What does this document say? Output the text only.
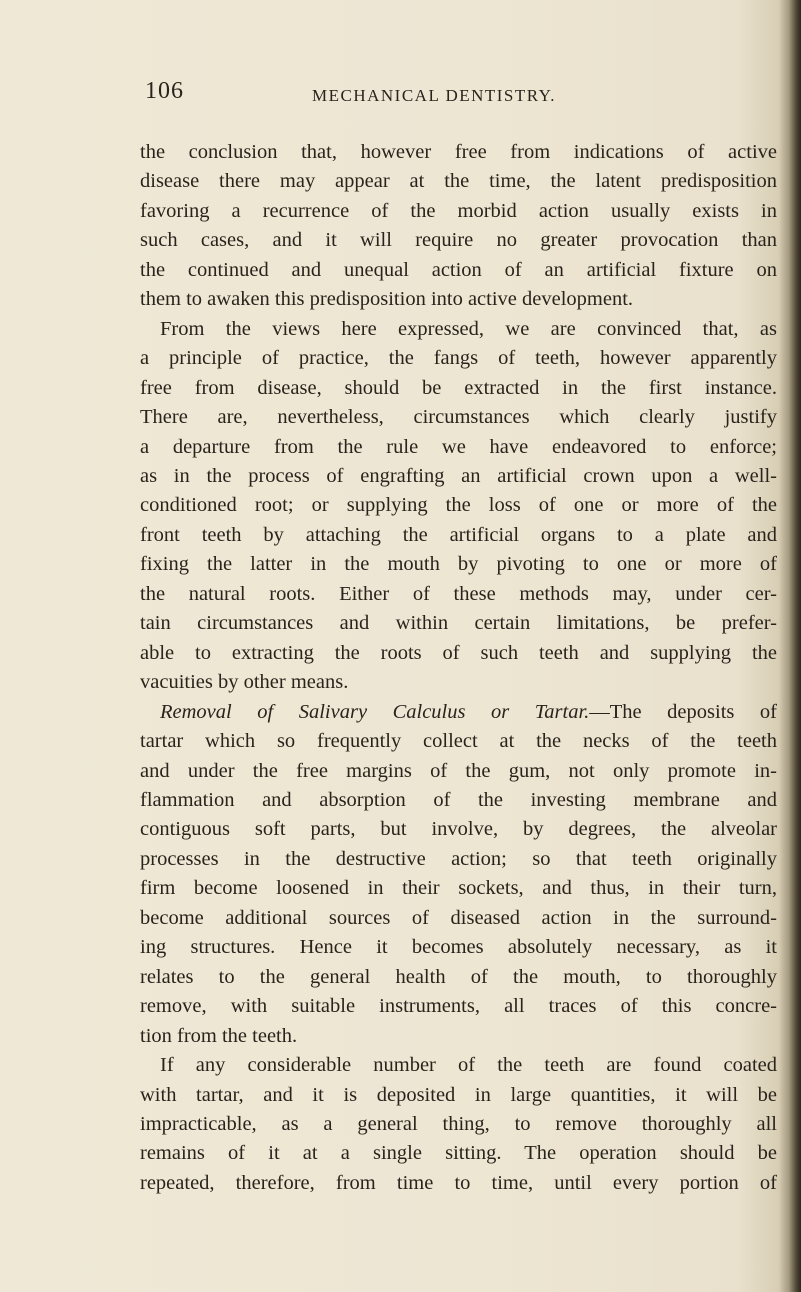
106	MECHANICAL DENTISTRY.
the conclusion that, however free from indications of active
disease there may appear at the time, the latent predisposition
favoring a recurrence of the morbid action usually exists in
such cases, and it will require no greater provocation than
the continued and unequal action of an artificial fixture on
them to awaken this predisposition into active development.
From the views here expressed, we are convinced that, as
a principle of practice, the fangs of teeth, however apparently
free from disease, should be extracted in the first instance.
There are, nevertheless, circumstances which clearly justify
a departure from the rule we have endeavored to enforce;
as in the process of engrafting an artificial crown upon a well-
conditioned root; or supplying the loss of one or more of the
front teeth by attaching the artificial organs to a plate and
fixing the latter in the mouth by pivoting to one or more of
the natural roots. Either of these methods may, under cer-
tain circumstances and within certain limitations, be prefer-
able to extracting the roots of such teeth and supplying the
vacuities by other means.
Removal of Salivary Calculus or Tartar.—The deposits of
tartar which so frequently collect at the necks of the teeth
and under the free margins of the gum, not only promote in-
flammation and absorption of the investing membrane and
contiguous soft parts, but involve, by degrees, the alveolar
processes in the destructive action; so that teeth originally
firm become loosened in their sockets, and thus, in their turn,
become additional sources of diseased action in the surround-
ing structures. Hence it becomes absolutely necessary, as it
relates to the general health of the mouth, to thoroughly
remove, with suitable instruments, all traces of this concre-
tion from the teeth.
If any considerable number of the teeth are found coated
with tartar, and it is deposited in large quantities, it will be
impracticable, as a general thing, to remove thoroughly all
remains of it at a single sitting. The operation should be
repeated, therefore, from time to time, until every portion of
